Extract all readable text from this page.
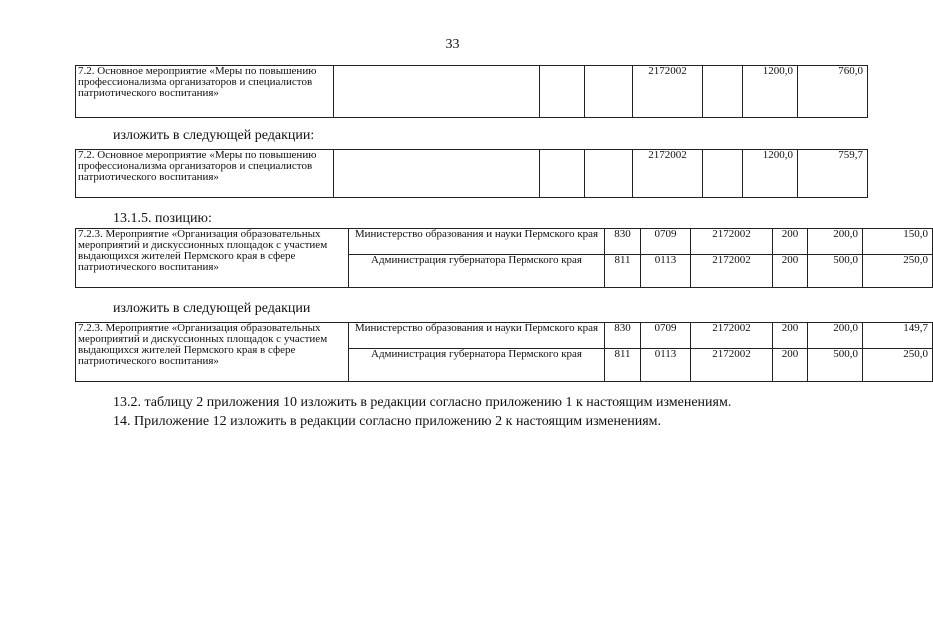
33
7.2. Основное мероприятие «Меры по повышению профессионализма организаторов и специалистов патриотического воспитания»				2172002		1200,0	760,0
изложить в следующей редакции:
7.2. Основное мероприятие «Меры по повышению профессионализма организаторов и специалистов патриотического воспитания»				2172002		1200,0	759,7
13.1.5. позицию:
7.2.3. Мероприятие «Организация образовательных мероприятий и дискуссионных площадок с участием выдающихся жителей Пермского края в сфере патриотического воспитания»	Министерство образования и науки Пермского края	830	0709	2172002	200	200,0	150,0
	Администрация губернатора Пермского края	811	0113	2172002	200	500,0	250,0
изложить в следующей редакции
7.2.3. Мероприятие «Организация образовательных мероприятий и дискуссионных площадок с участием выдающихся жителей Пермского края в сфере патриотического воспитания»	Министерство образования и науки Пермского края	830	0709	2172002	200	200,0	149,7
	Администрация губернатора Пермского края	811	0113	2172002	200	500,0	250,0
13.2. таблицу 2 приложения 10 изложить в редакции согласно приложению 1 к настоящим изменениям.
14. Приложение 12 изложить в редакции согласно приложению 2 к настоящим изменениям.
